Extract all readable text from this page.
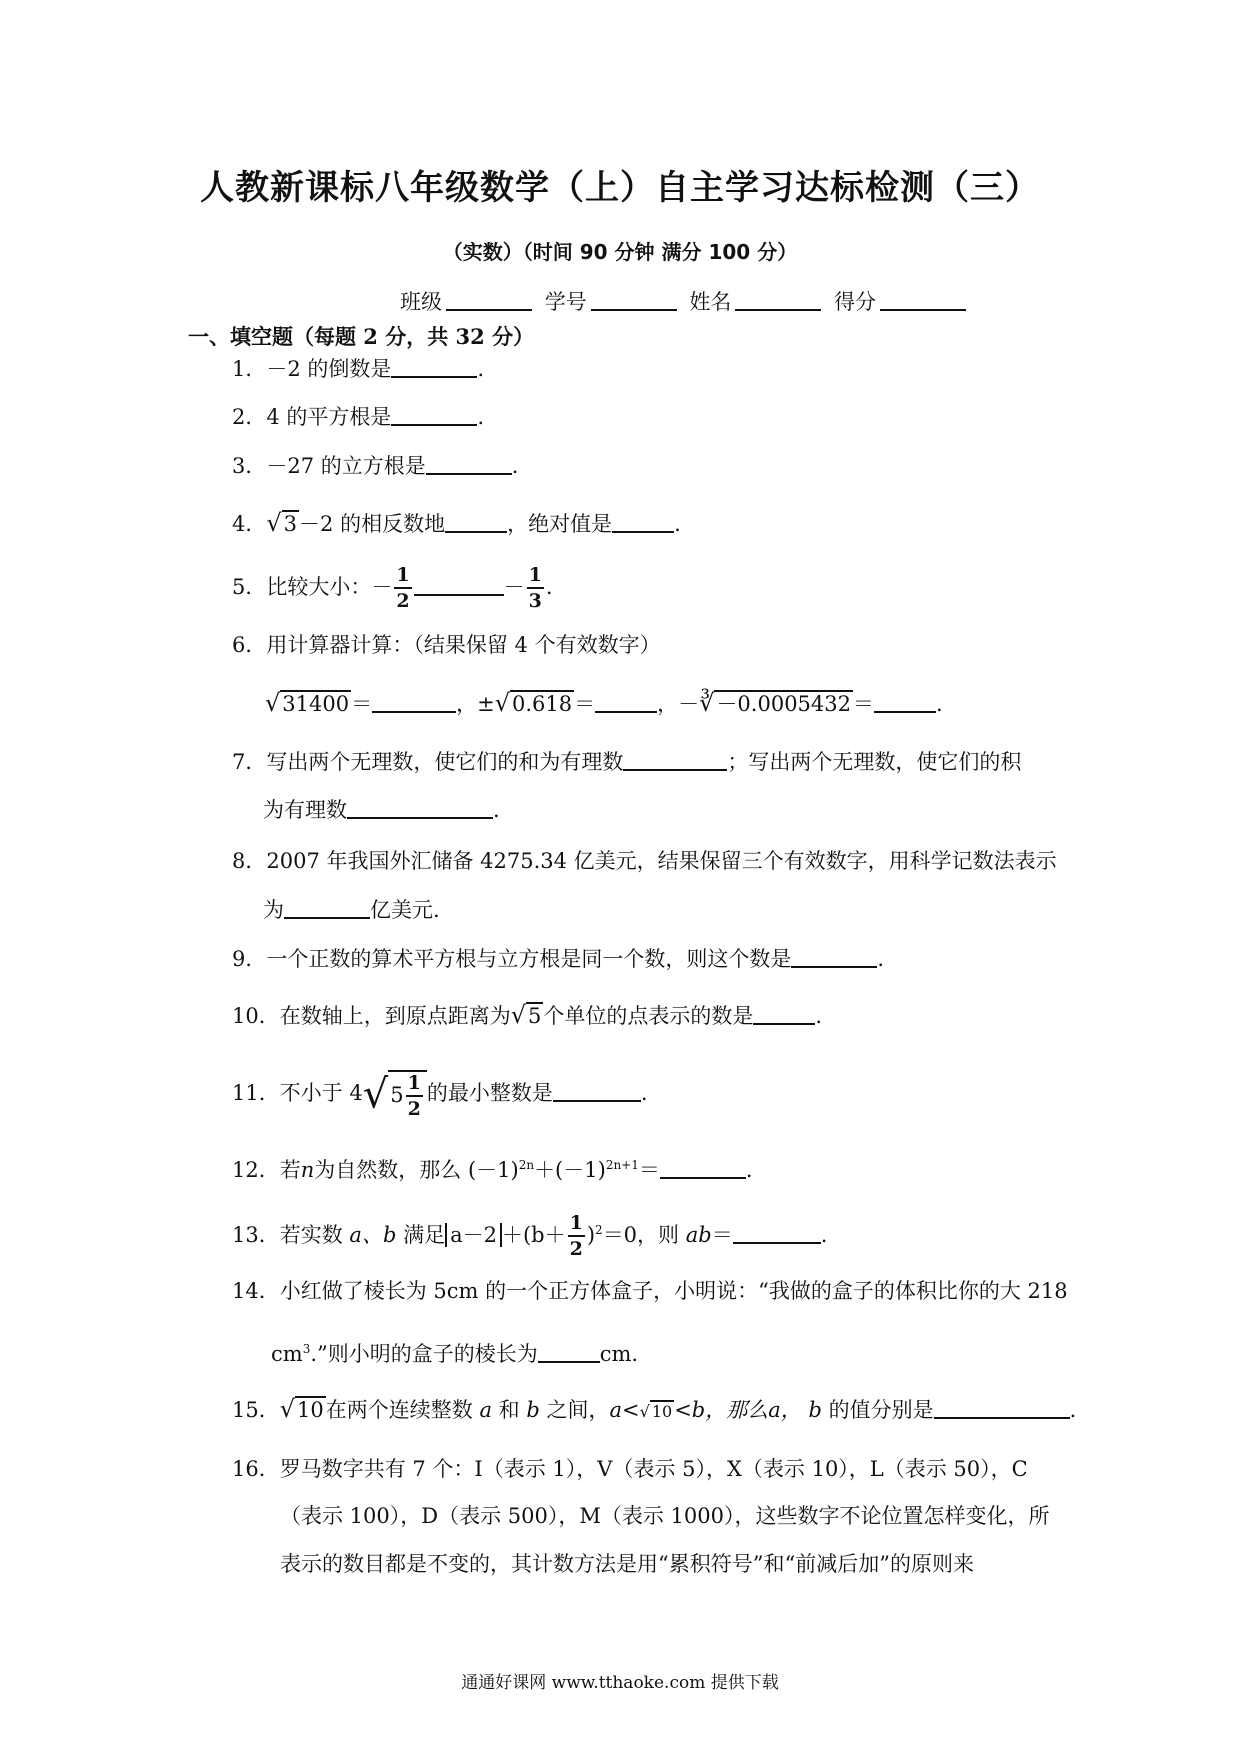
人教新课标八年级数学（上）自主学习达标检测（三）
（实数）（时间 90 分钟 满分 100 分）
班级	学号	姓名	得分
一、填空题（每题 2 分，共 32 分）
1．－2 的倒数是	.
2．4 的平方根是	.
3．－27 的立方根是	.
4．√3－2 的相反数地	，绝对值是	.
5．比较大小：－ $\frac{1}{2}$	－ $\frac{1}{3}$ .
6．用计算器计算：（结果保留 4 个有效数字）
√31400＝	，±√0.618＝	，－∛－0.0005432＝	.
7．写出两个无理数，使它们的和为有理数	；写出两个无理数，使它们的积
为有理数	.
8．2007 年我国外汇储备 4275.34 亿美元，结果保留三个有效数字，用科学记数法表示
为	亿美元.
9．一个正数的算术平方根与立方根是同一个数，则这个数是	.
10．在数轴上，到原点距离为√5个单位的点表示的数是	.
11．不小于 $4√5 \frac{1}{2}$ 的最小整数是	.
12．若n为自然数，那么 $(-1)^{2n}+(-1)^{2n+1}=$	.
13．若实数 a、b 满足 $a-2 +(b+ \frac{1}{2} )^2=0$，则 ab＝	.
14．小红做了棱长为 5cm 的一个正方体盒子，小明说：“我做的盒子的体积比你的大 218
$cm^3$.”则小明的盒子的棱长为	cm.
15．√10在两个连续整数 a 和 b 之间，a<√ 10<b，那么a， b 的值分别是	.
16．罗马数字共有 7 个：I（表示 1），V（表示 5），X（表示 10），L（表示 50），C
（表示 100），D（表示 500），M（表示 1000），这些数字不论位置怎样变化，所
表示的数目都是不变的，其计数方法是用“累积符号”和“前减后加”的原则来
通通好课网 www.tthaoke.com 提供下载
